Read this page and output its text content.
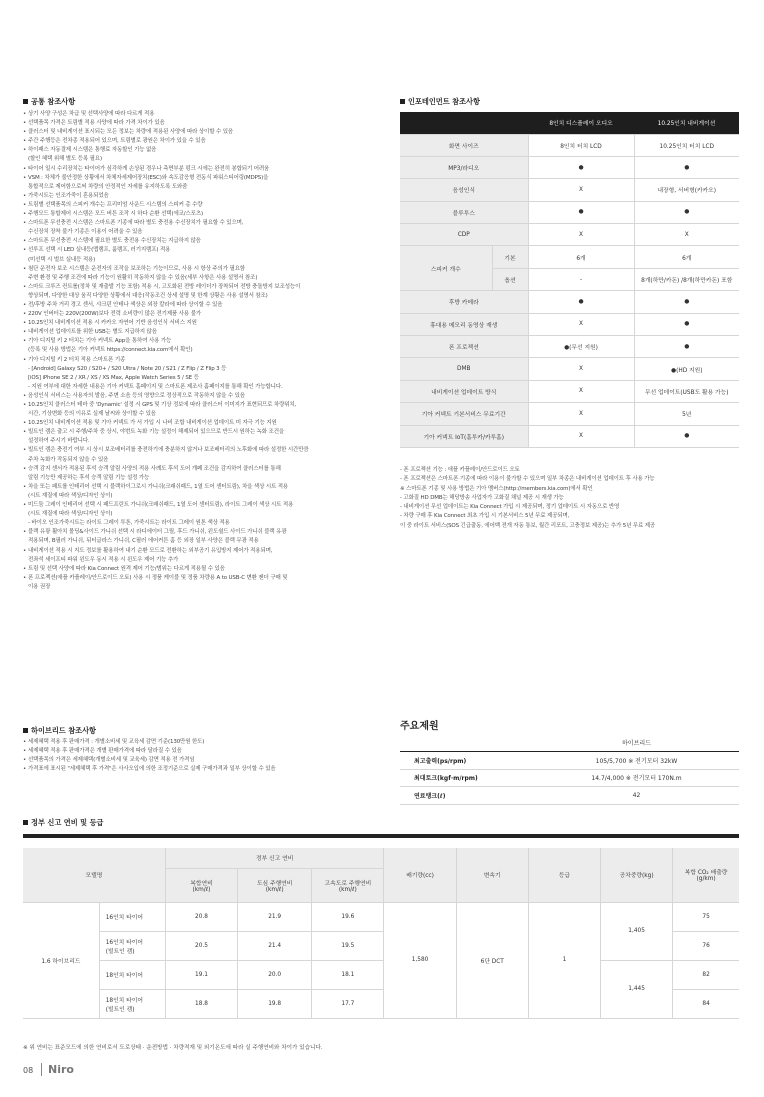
공통 참조사항
• 상기 사양 구성은 차급 및 선택사양에 따라 다르게 적용
• 선택품목 가격은 트림별 적용 사양에 따라 가격 차이가 있음
• 클러스터 및 내비게이션 표시되는 모든 정보는 차량에 적용된 사양에 따라 상이할 수 있음
• 주간 주행등은 전차종 적용되어 있으며, 트림별로 광원은 차이가 있을 수 있음
• 하이패스 자동결제 시스템은 통행료 자동할인 기능 없음
(할인 혜택 위해 별도 등록 필요)
• 타이어 일시 수리장치는 타이어가 심각하게 손상된 경우나 측면부분 펑크 시에는 완전히 봉합되기 어려움
• VSM : 차체가 불안정한 상황에서 차체자세제어장치(ESC)와 속도감응형 전동식 파워스티어링(MDPS)을
통합적으로 제어함으로써 차량의 안정적인 자세를 유지하도록 도와줌
• 가죽시트는 인조가죽이 혼용되었음
• 트림별 선택품목의 스피커 개수는 프리미엄 사운드 시스템의 스피커 총 수량
• 주행모드 통합제어 시스템은 모드 버튼 조작 시 하다 순환 선택(에코/스포츠)
• 스마트폰 무선충전 시스템은 스마트폰 기종에 따라 별도 충전용 수신장치가 필요할 수 있으며,
수신장치 장착 불가 기종은 이용이 어려울 수 있음
• 스마트폰 무선충전 시스템에 필요한 별도 충전용 수신장치는 지급하지 않음
• 선루프 선택 시 LED 실내등(맵램프, 룸램프, 러기지램프) 적용
(미선택 시 벌브 실내등 적용)
• 첨단 운전자 보조 시스템은 운전자의 조작을 보조하는 기능이므로, 사용 시 항상 주의가 필요함
주변 환경 및 주행 조건에 따라 기능이 원활히 작동하지 않을 수 있음(세부 사항은 사용 설명서 참조)
• 스마트 크루즈 컨트롤(정차 및 재출발 기능 포함) 적용 시, 고도화된 전방 레이더가 장착되어 전방 충돌방지 보조성능이
향상되며, 다양한 대상 움직 다양한 상황에서 대응(작동조건 상세 설명 및 한계 상황은 사용 설명서 참조)
• 전/후방 주차 거리 경고 센서, 샤크핀 안테나 색상은 외장 칼라에 따라 상이할 수 있음
• 220V 인버터는 220V(200W)보다 전력 소비량이 많은 전기제품 사용 불가
• 10.25인치 내비게이션 적용 시 카카오 자연어 기반 음성인식 서비스 지원
• 내비게이션 업데이트를 위한 USB는 별도 지급하지 않음
• 기아 디지털 키 2 터치는 기아 커넥트 App을 통하여 사용 가능
(등록 및 사용 방법은 기아 커넥트 https://connect.kia.com에서 확인)
• 기아 디지털 키 2 터치 적용 스마트폰 기종
- [Android] Galaxy S20 / S20+ / S20 Ultra / Note 20 / S21 / Z Flip / Z Flip 3 등
[iOS] iPhone SE 2 / XR / XS / XS Max, Apple Watch Series 5 / SE 등
- 지원 여부에 대한 자세한 내용은 기아 커넥트 홈페이지 및 스마트폰 제조사 홈페이지를 통해 확인 가능합니다.
• 음성인식 서비스는 사용자의 발음, 주변 소음 등의 영향으로 정상적으로 작동하지 않을 수 있음
• 10.25인치 클러스터 테마 중 'Dynamic' 설정 시 GPS 및 기상 정보에 따라 클러스터 이미지가 표현되므로 차량위치,
시간, 기상변화 등의 이유로 실제 날씨와 상이할 수 있음
• 10.25인치 내비게이션 적용 및 기아 커넥트 가 서 가입 시 나비 조합 내비게이션 업데이트 미 자극 기능 지원
• 빌트인 캠은 출고 시 주행/주차 중 상시, 야번트 녹화 기능 설정이 해제되어 있으므로 반드시 원하는 녹화 조건을
설정하여 주시기 바랍니다.
• 빌트인 캠은 충전기 여부 시 상시 보조배터리를 충전하기에 충분하지 않거나 보조배터리의 노후화에 따라 설정한 시간만큼
주차 녹화가 작동되지 않을 수 있음
• 승객 감지 센서가 적용된 후석 승객 알림 사양의 적용 사례도 후석 도어 개폐 조건을 감지하여 클러스터를 통해
알림 기능만 제공하는 후석 승객 알림 기능 설정 가능
• 차을 또는 패트를 인테리어 선택 시 블랙하이그로시 가니쉬(크래쉬패드, 1열 도어 센터트림), 차을 색상 시트 적용
(시트 재질에 따라 색상/디자인 상이)
• 미드둠 그레이 인테리어 선택 시 패드프린트 가니쉬(크래쉬패드, 1열 도어 센터트림), 라이트 그레이 색상 시트 적용
(시트 재질에 따라 색상/디자인 상이)
- 바이오 인조가죽시트는 라이트 그레이 투톤, 가죽시트는 라이트 그레이 원톤 색상 적용
• 블랙 유광 휠아치 몰딩&사이드 가니쉬 선택 시 라디에이터 그릴, 후드 가니쉬, 윈도쉴드 사이드 가니쉬 블랙 유광
적용되며, B필러 가니쉬, 뒤터글라스 가니쉬, C필러 에어커튼 홈 등 외장 일부 사양은 블랙 무광 적용
• 내비게이션 적용 시 지도 정보를 활용하여 내기 순환 모드로 전환하는 외부공기 유입방지 제어가 적용되며,
전좌석 세이프티 파워 윈도우 동시 적용 시 윈도우 제어 기능 추가
• 트림 및 선택 사양에 따라 Kia Connect 원격 제어 기능/범위는 다르게 적용될 수 있음
• 폰 프로젝션(애플 카플레이/안드로이드 오토) 사용 시 정품 케이블 및 정품 차량용 A to USB-C 변환 젠더 구매 및
이용 권장
하이브리드 참조사항
• 세제혜택 적용 후 판매가격 : 개별소비세 및 교육세 감면 기준(130만원 한도)
• 세제혜택 적용 후 판매가격은 개별 판매가격에 따라 달라질 수 있음
• 선택품목의 가격은 세제혜택(개별소비세 및 교육세) 감면 적용 전 가격임
• 가격표에 표시된 "세제혜택 후 가격"은 사사오입에 의한 조정기준으로 실제 구매가격과 일부 상이할 수 있음
인포테인먼트 참조사항
		8인치 디스플레이 오디오	10.25인치 내비게이션
화면 사이즈		8인치 터치 LCD	10.25인치 터치 LCD
MP3/라디오		●	●
음성인식		X	내장형, 서버형(카카오)
블루투스		●	●
CDP		X	X
스피커 개수	기본	6개	6개
	옵션	-	8개(하만/카돈) /8개(하만카돈) 포함
후방 카메라		●	●
휴대용 메모리 동영상 재생		X	●
폰 프로젝션		●(무선 지원)	●
DMB		X	●(HD 지원)
내비게이션 업데이트 방식		X	무선 업데이트(USB도 활용 가능)
기아 커넥트 기본서비스 무료기간		X	5년
기아 커넥트 IoT(홈투카/카투홈)		X	●
- 폰 프로젝션 기능 : 애플 카플레이/안드로이드 오토
- 폰 프로젝션은 스마트폰 기종에 따라 이용이 불가할 수 있으며 일부 차종은 내비게이션 업데이트 후 사용 가능
※ 스마트폰 기종 및 사용 방법은 기아 멤버스(http://members.kia.com)에서 확인
- 고화질 HD DMB는 해당방송 사업자가 고화질 채널 제공 시 재생 가능
- 내비게이션 무선 업데이트는 Kia Connect 가입 시 제공되며, 정기 업데이트 시 자동으로 반영
- 차량 구매 후 Kia Connect 최초 가입 시 기본서비스 5년 무료 제공되며,
이 중 라이트 서비스(SOS 긴급출동, 에어백 전개 자동 통보, 월간 리포트, 고충정보 제공)는 추가 5년 무료 제공
주요제원
	하이브리드
최고출력(ps/rpm)	105/5,700 ※ 전기모터 32kW
최대토크(kgf·m/rpm)	14.7/4,000 ※ 전기모터 170N.m
연료탱크(ℓ)	42
정부 신고 연비 및 등급
모델명		정부 신고 연비			배기량(cc)	변속기	등급	공차중량(kg)	복합 CO₂ 배출량
(g/km)
		복합연비
(km/ℓ)	도심 주행연비
(km/ℓ)	고속도로 주행연비
(km/ℓ)					
1.6 하이브리드	16인치 타이어	20.8	21.9	19.6	1,580	6단 DCT	1	1,405	75
	16인치 타이어
(빌트인 캠)	20.5	21.4	19.5					76
	18인치 타이어	19.1	20.0	18.1				1,445	82
	18인치 타이어
(빌트인 캠)	18.8	19.8	17.7					84
※ 위 연비는 표준모드에 의한 연비로서 도로상태 · 운전방법 · 차량적재 및 외기온도에 따라 실 주행연비와 차이가 있습니다.
08 Niro
